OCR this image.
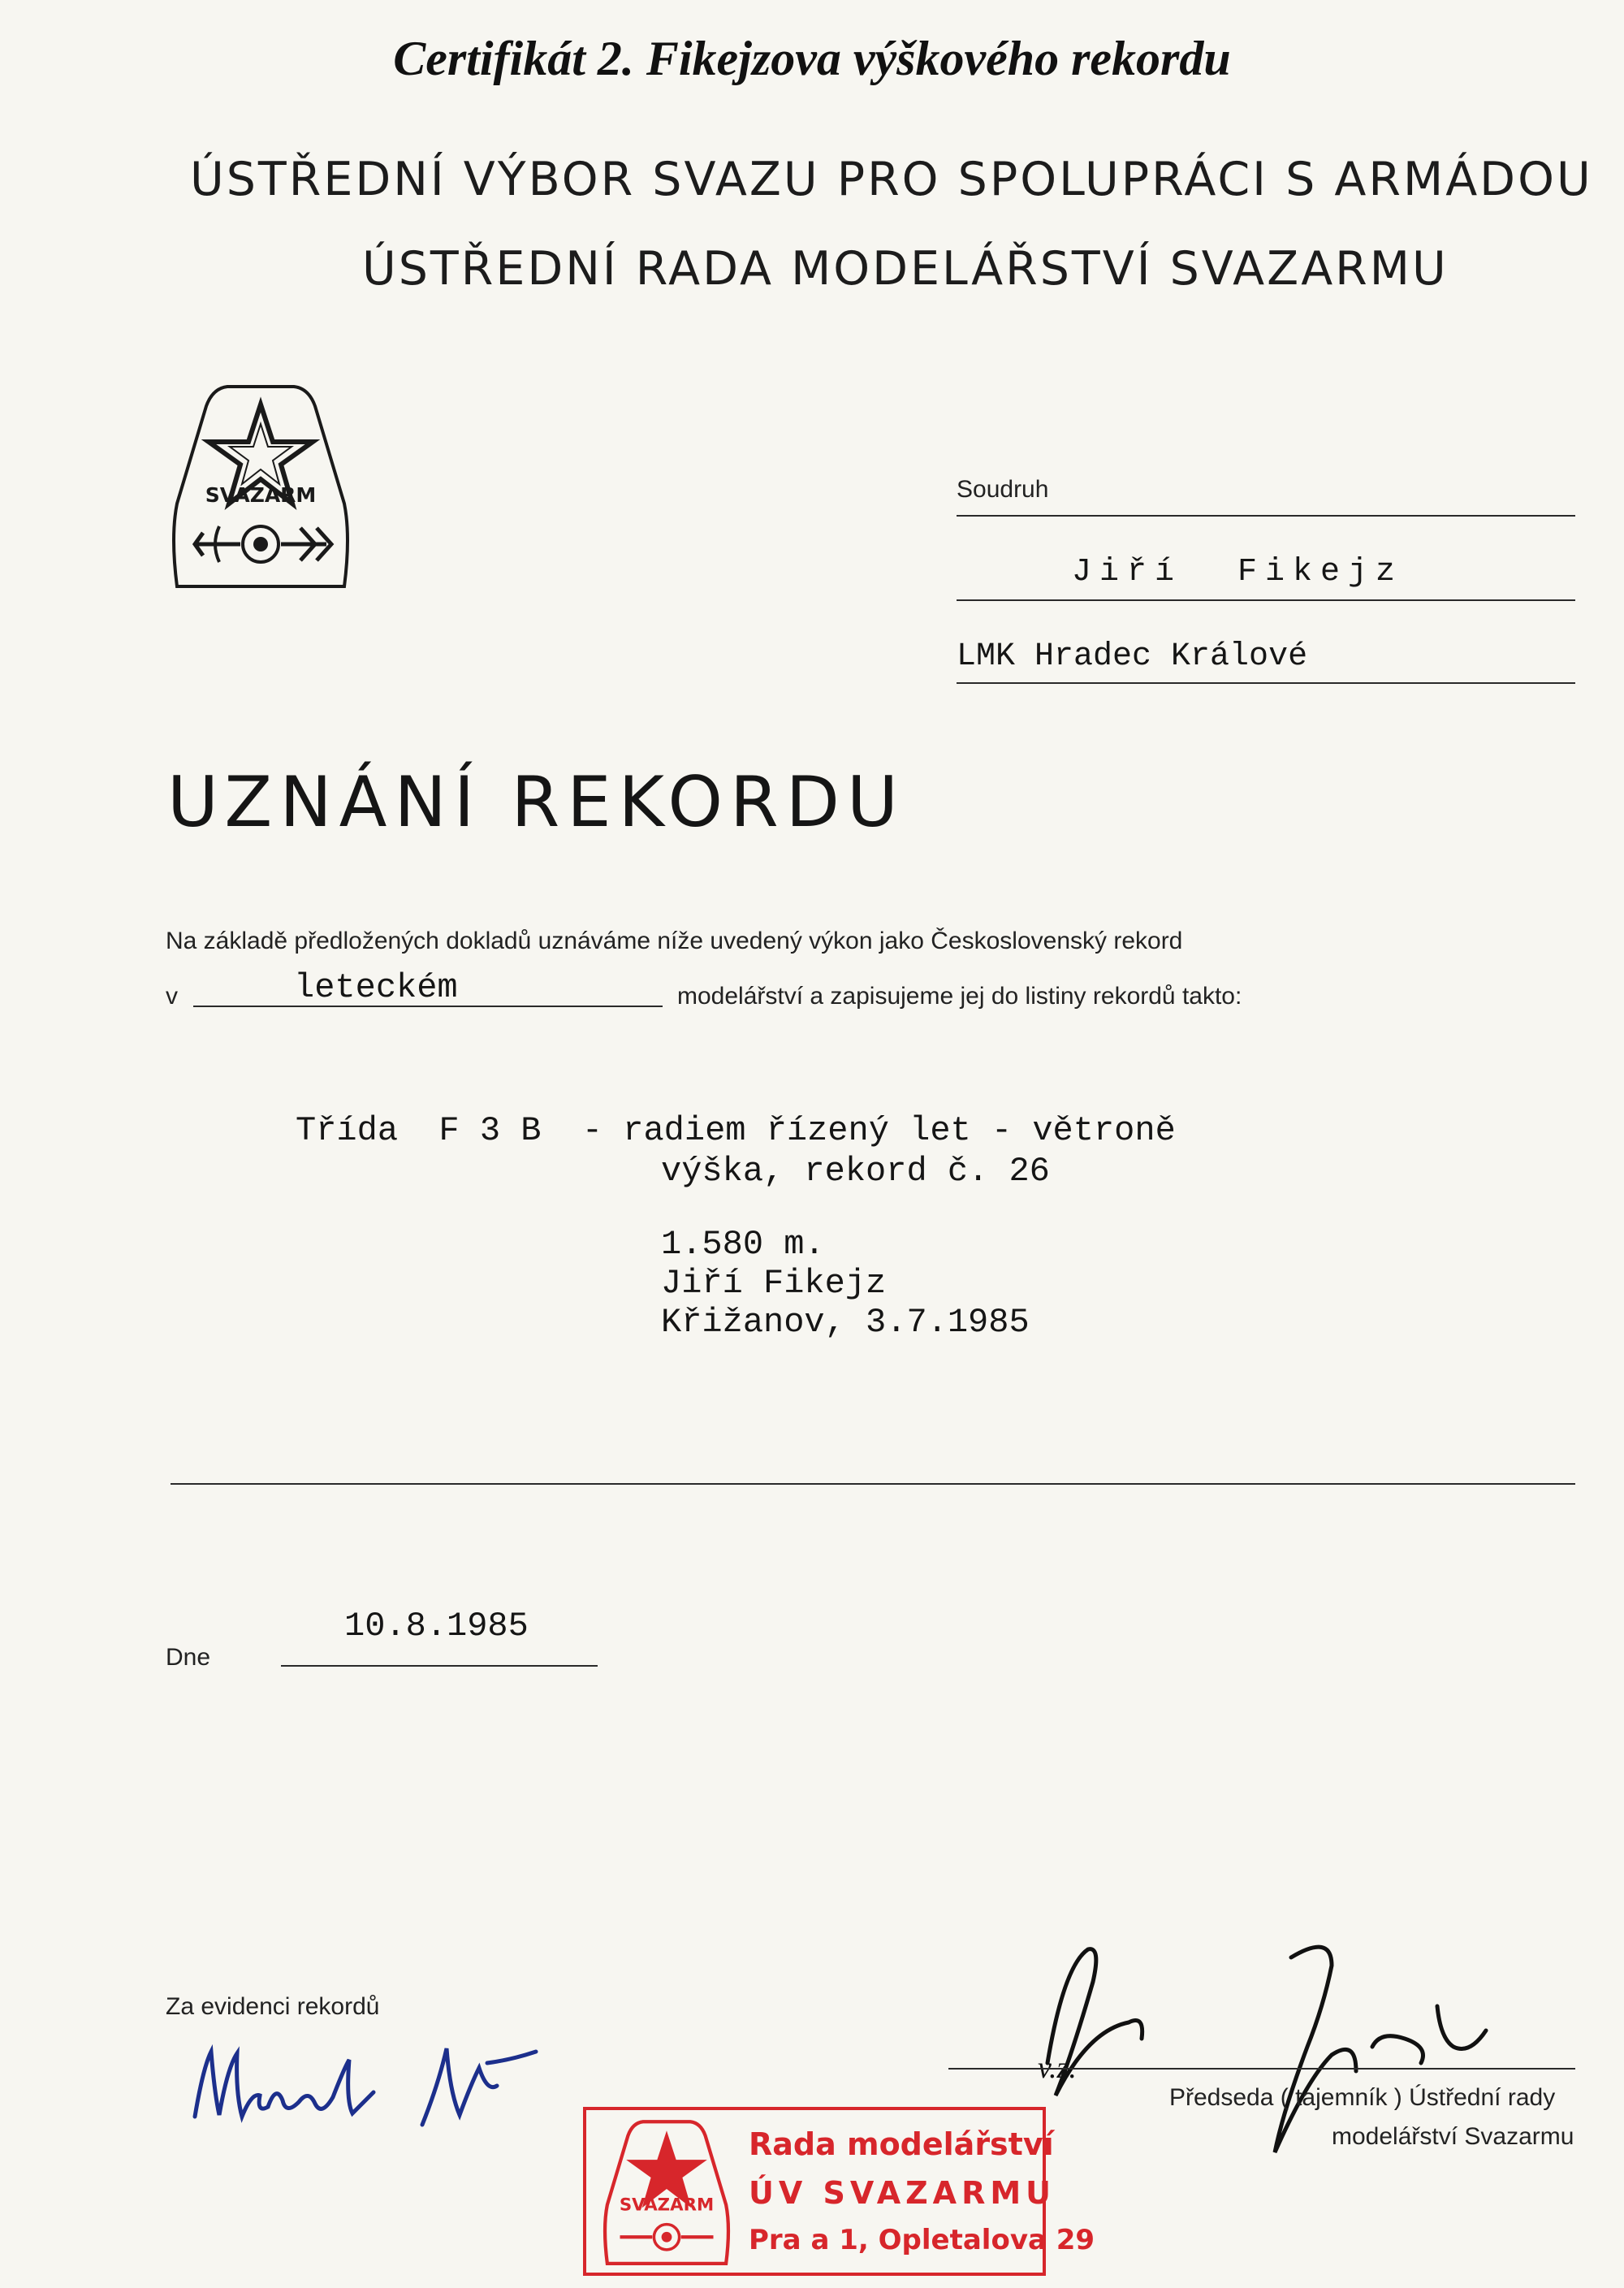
Certifikát 2. Fikejzova výškového rekordu
ÚSTŘEDNÍ VÝBOR SVAZU PRO SPOLUPRÁCI S ARMÁDOU
ÚSTŘEDNÍ RADA MODELÁŘSTVÍ SVAZARMU
SVAZARM	Soudruh
Jiří  Fikejz
LMK Hradec Králové
UZNÁNÍ REKORDU
Na základě předložených dokladů uznáváme níže uvedený výkon jako Československý rekord
v	leteckém	modelářství a zapisujeme jej do listiny rekordů takto:
Třída  F 3 B  - radiem řízený let - větroně
výška, rekord č. 26
1.580 m.
Jiří Fikejz
Křižanov, 3.7.1985
10.8.1985
Dne
Za evidenci rekordů
v.z.
Předseda ( tajemník ) Ústřední rady
modelářství Svazarmu
SVAZARM
Rada modelářství
ÚV SVAZARMU
Pra a 1, Opletalova 29
